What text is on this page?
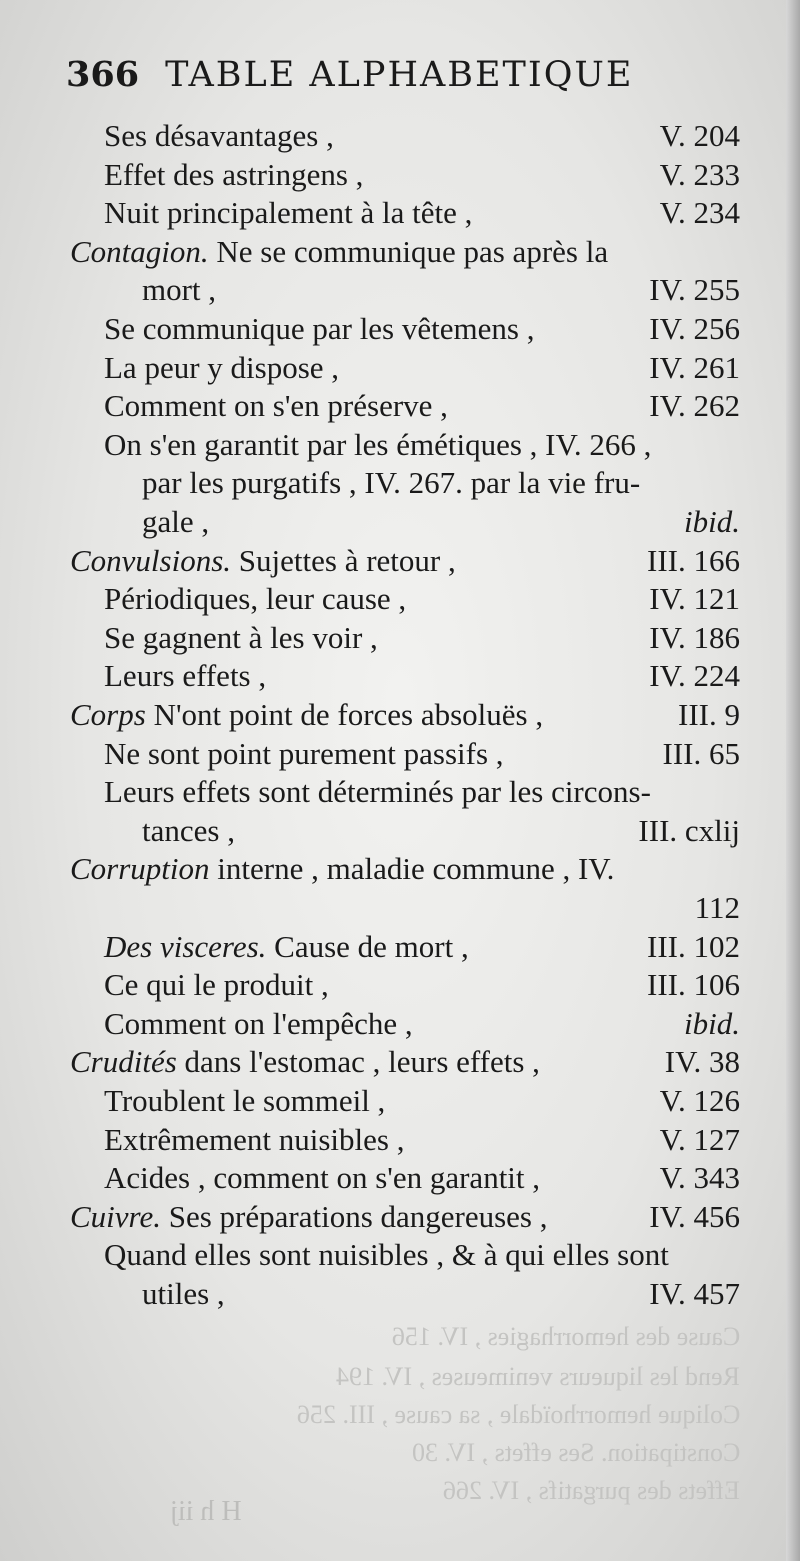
Cause des hemorrhagies , IV. 156
Rend les liqueurs venimeuses , IV. 194
Colique hemorrhoïdale , sa cause , III. 256
Constipation. Ses effets , IV. 30
Effets des purgatifs , IV. 266
H h iij
366 TABLE ALPHABETIQUE
Ses désavantages ,	V. 204
Effet des astringens ,	V. 233
Nuit principalement à la tête ,	V. 234
Contagion. Ne se communique pas après la
mort ,	IV. 255
Se communique par les vêtemens ,	IV. 256
La peur y dispose ,	IV. 261
Comment on s'en préserve ,	IV. 262
On s'en garantit par les émétiques , IV. 266 ,
par les purgatifs , IV. 267. par la vie fru-
gale ,	ibid.
Convulsions. Sujettes à retour ,	III. 166
Périodiques, leur cause ,	IV. 121
Se gagnent à les voir ,	IV. 186
Leurs effets ,	IV. 224
Corps N'ont point de forces absoluës ,	III. 9
Ne sont point purement passifs ,	III. 65
Leurs effets sont déterminés par les circons-
tances ,	III. cxlij
Corruption interne , maladie commune , IV.
112
Des visceres. Cause de mort ,	III. 102
Ce qui le produit ,	III. 106
Comment on l'empêche ,	ibid.
Crudités dans l'estomac , leurs effets ,	IV. 38
Troublent le sommeil ,	V. 126
Extrêmement nuisibles ,	V. 127
Acides , comment on s'en garantit ,	V. 343
Cuivre. Ses préparations dangereuses ,	IV. 456
Quand elles sont nuisibles , & à qui elles sont
utiles ,	IV. 457
